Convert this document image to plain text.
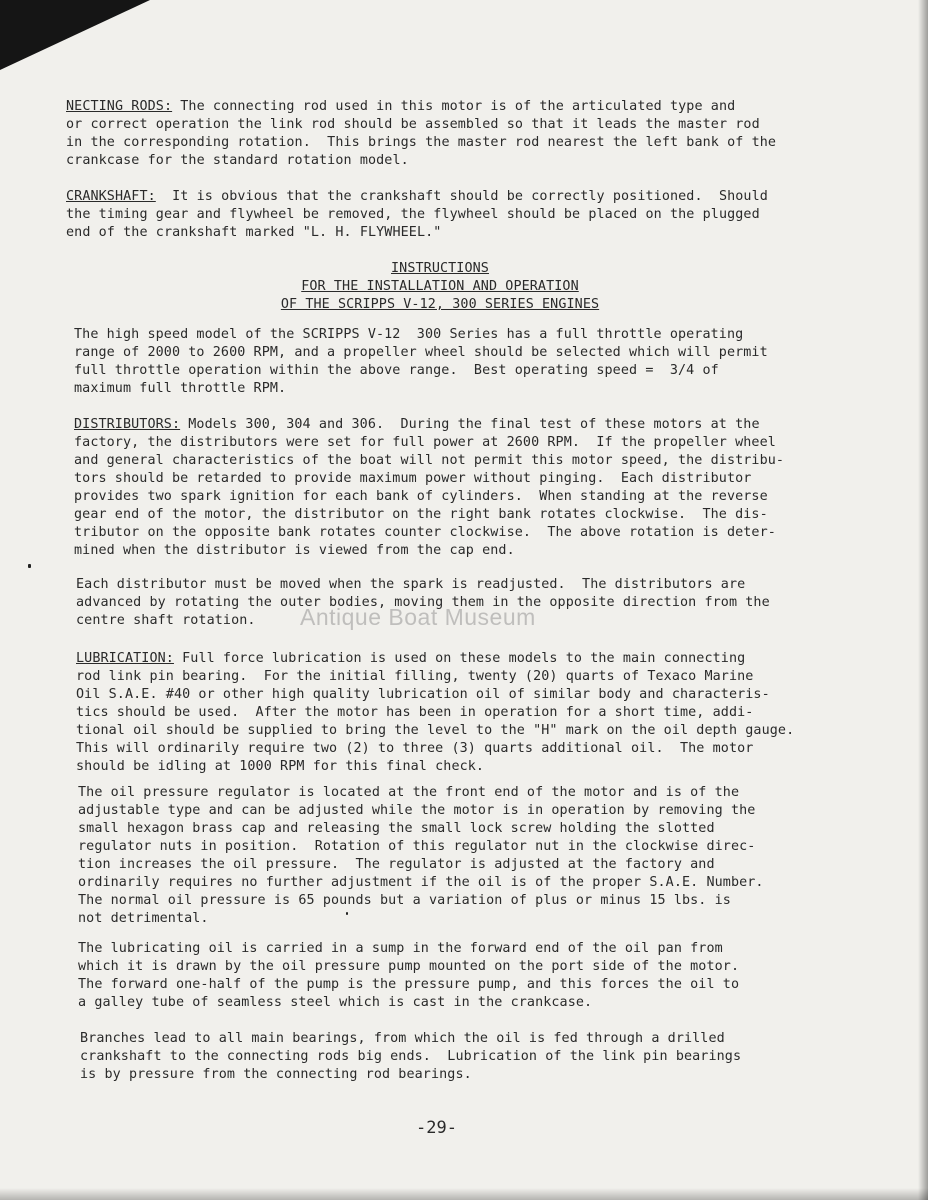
NECTING RODS: The connecting rod used in this motor is of the articulated type and
or correct operation the link rod should be assembled so that it leads the master rod
in the corresponding rotation.  This brings the master rod nearest the left bank of the
crankcase for the standard rotation model.
CRANKSHAFT:  It is obvious that the crankshaft should be correctly positioned.  Should
the timing gear and flywheel be removed, the flywheel should be placed on the plugged
end of the crankshaft marked "L. H. FLYWHEEL."
INSTRUCTIONS
FOR THE INSTALLATION AND OPERATION
OF THE SCRIPPS V-12, 300 SERIES ENGINES
The high speed model of the SCRIPPS V-12  300 Series has a full throttle operating
range of 2000 to 2600 RPM, and a propeller wheel should be selected which will permit
full throttle operation within the above range.  Best operating speed =  3/4 of
maximum full throttle RPM.
DISTRIBUTORS: Models 300, 304 and 306.  During the final test of these motors at the
factory, the distributors were set for full power at 2600 RPM.  If the propeller wheel
and general characteristics of the boat will not permit this motor speed, the distribu-
tors should be retarded to provide maximum power without pinging.  Each distributor
provides two spark ignition for each bank of cylinders.  When standing at the reverse
gear end of the motor, the distributor on the right bank rotates clockwise.  The dis-
tributor on the opposite bank rotates counter clockwise.  The above rotation is deter-
mined when the distributor is viewed from the cap end.
Each distributor must be moved when the spark is readjusted.  The distributors are
advanced by rotating the outer bodies, moving them in the opposite direction from the
centre shaft rotation.	Antique Boat Museum
LUBRICATION: Full force lubrication is used on these models to the main connecting
rod link pin bearing.  For the initial filling, twenty (20) quarts of Texaco Marine
Oil S.A.E. #40 or other high quality lubrication oil of similar body and characteris-
tics should be used.  After the motor has been in operation for a short time, addi-
tional oil should be supplied to bring the level to the "H" mark on the oil depth gauge.
This will ordinarily require two (2) to three (3) quarts additional oil.  The motor
should be idling at 1000 RPM for this final check.
The oil pressure regulator is located at the front end of the motor and is of the
adjustable type and can be adjusted while the motor is in operation by removing the
small hexagon brass cap and releasing the small lock screw holding the slotted
regulator nuts in position.  Rotation of this regulator nut in the clockwise direc-
tion increases the oil pressure.  The regulator is adjusted at the factory and
ordinarily requires no further adjustment if the oil is of the proper S.A.E. Number.
The normal oil pressure is 65 pounds but a variation of plus or minus 15 lbs. is
not detrimental.
The lubricating oil is carried in a sump in the forward end of the oil pan from
which it is drawn by the oil pressure pump mounted on the port side of the motor.
The forward one-half of the pump is the pressure pump, and this forces the oil to
a galley tube of seamless steel which is cast in the crankcase.
Branches lead to all main bearings, from which the oil is fed through a drilled
crankshaft to the connecting rods big ends.  Lubrication of the link pin bearings
is by pressure from the connecting rod bearings.
-29-
